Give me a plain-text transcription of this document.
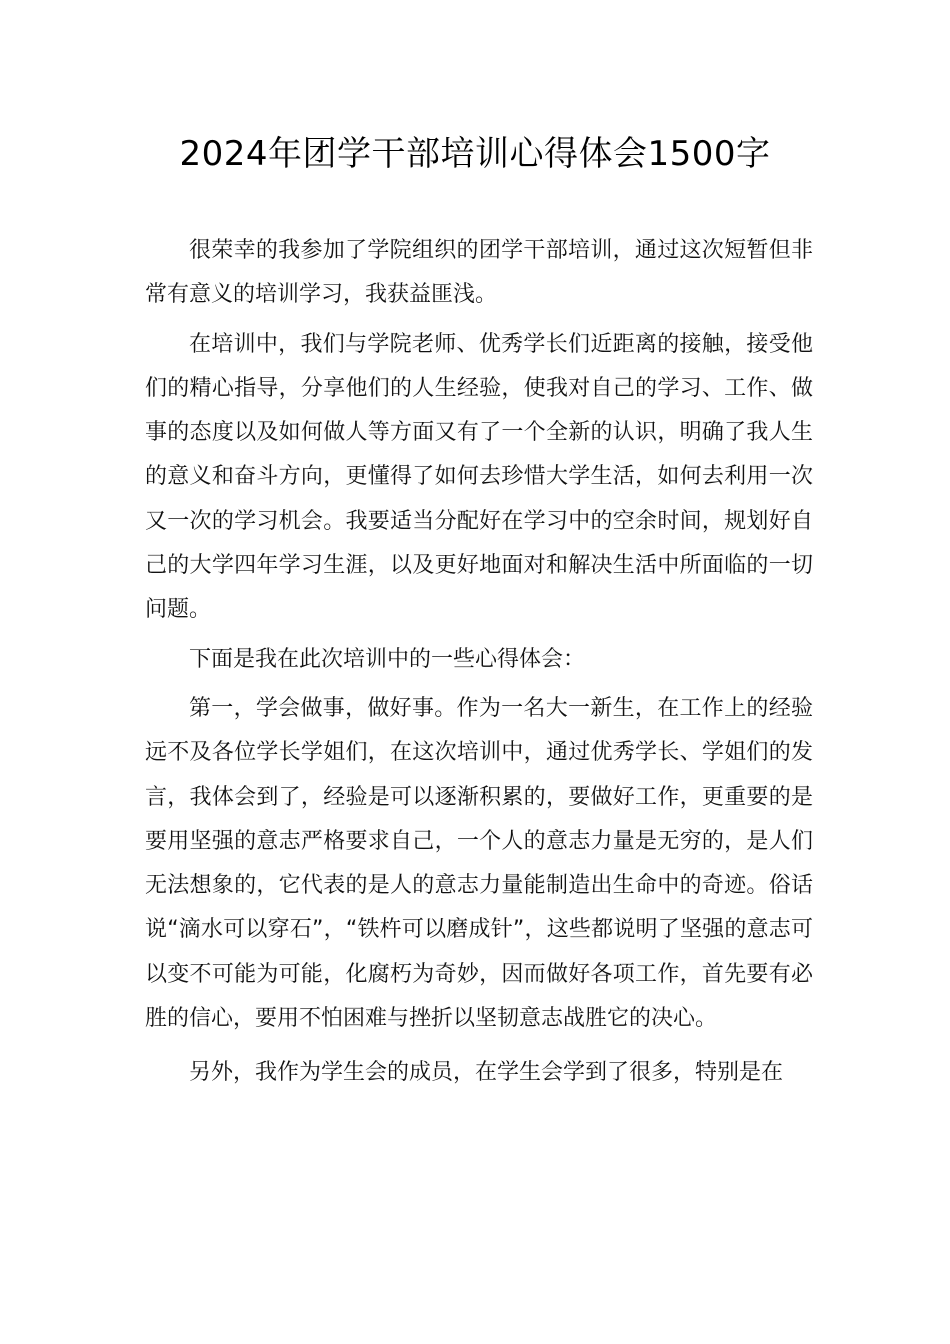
2024年团学干部培训心得体会1500字

很荣幸的我参加了学院组织的团学干部培训，通过这次短暂但非常有意义的培训学习，我获益匪浅。

在培训中，我们与学院老师、优秀学长们近距离的接触，接受他们的精心指导，分享他们的人生经验，使我对自己的学习、工作、做事的态度以及如何做人等方面又有了一个全新的认识，明确了我人生的意义和奋斗方向，更懂得了如何去珍惜大学生活，如何去利用一次又一次的学习机会。我要适当分配好在学习中的空余时间，规划好自己的大学四年学习生涯，以及更好地面对和解决生活中所面临的一切问题。

下面是我在此次培训中的一些心得体会：

第一，学会做事，做好事。作为一名大一新生，在工作上的经验远不及各位学长学姐们，在这次培训中，通过优秀学长、学姐们的发言，我体会到了，经验是可以逐渐积累的，要做好工作，更重要的是要用坚强的意志严格要求自己，一个人的意志力量是无穷的，是人们无法想象的，它代表的是人的意志力量能制造出生命中的奇迹。俗话说“滴水可以穿石”，“铁杵可以磨成针”，这些都说明了坚强的意志可以变不可能为可能，化腐朽为奇妙，因而做好各项工作，首先要有必胜的信心，要用不怕困难与挫折以坚韧意志战胜它的决心。

另外，我作为学生会的成员，在学生会学到了很多，特别是在
